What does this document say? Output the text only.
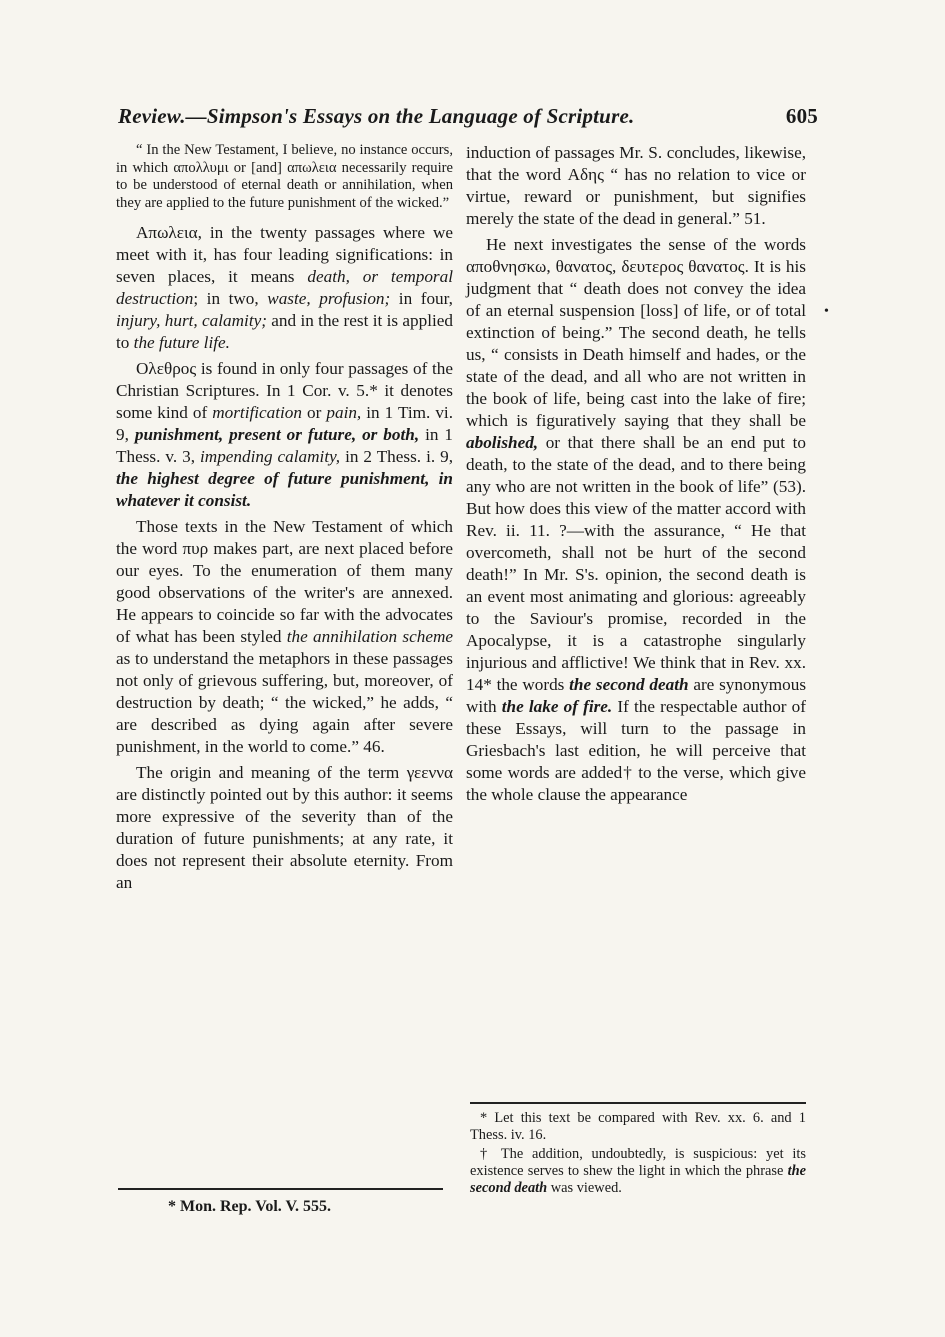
Review.—Simpson's Essays on the Language of Scripture.	605

“ In the New Testament, I believe, no instance occurs, in which απολλυμι or [and] απωλεια necessarily require to be understood of eternal death or annihilation, when they are applied to the future punishment of the wicked.”

Απωλεια, in the twenty passages where we meet with it, has four leading significations: in seven places, it means death, or temporal destruction; in two, waste, profusion; in four, injury, hurt, calamity; and in the rest it is applied to the future life.

Ολεθρος is found in only four passages of the Christian Scriptures. In 1 Cor. v. 5.* it denotes some kind of mortification or pain, in 1 Tim. vi. 9, punishment, present or future, or both, in 1 Thess. v. 3, impending calamity, in 2 Thess. i. 9, the highest degree of future punishment, in whatever it consist.

Those texts in the New Testament of which the word πυρ makes part, are next placed before our eyes. To the enumeration of them many good observations of the writer's are annexed. He appears to coincide so far with the advocates of what has been styled the annihilation scheme as to understand the metaphors in these passages not only of grievous suffering, but, moreover, of destruction by death; “ the wicked,” he adds, “ are described as dying again after severe punishment, in the world to come.” 46.

The origin and meaning of the term γεεννα are distinctly pointed out by this author: it seems more expressive of the severity than of the duration of future punishments; at any rate, it does not represent their absolute eternity. From an

* Mon. Rep. Vol. V. 555.

induction of passages Mr. S. concludes, likewise, that the word Αδης “ has no relation to vice or virtue, reward or punishment, but signifies merely the state of the dead in general.” 51.

He next investigates the sense of the words αποθνησκω, θανατος, δευτερος θανατος. It is his judgment that “ death does not convey the idea of an eternal suspension [loss] of life, or of total extinction of being.” The second death, he tells us, “ consists in Death himself and hades, or the state of the dead, and all who are not written in the book of life, being cast into the lake of fire; which is figuratively saying that they shall be abolished, or that there shall be an end put to death, to the state of the dead, and to there being any who are not written in the book of life” (53). But how does this view of the matter accord with Rev. ii. 11. ?—with the assurance, “ He that overcometh, shall not be hurt of the second death!” In Mr. S's. opinion, the second death is an event most animating and glorious: agreeably to the Saviour's promise, recorded in the Apocalypse, it is a catastrophe singularly injurious and afflictive! We think that in Rev. xx. 14* the words the second death are synonymous with the lake of fire. If the respectable author of these Essays, will turn to the passage in Griesbach's last edition, he will perceive that some words are added† to the verse, which give the whole clause the appearance

* Let this text be compared with Rev. xx. 6. and 1 Thess. iv. 16.

† The addition, undoubtedly, is suspicious: yet its existence serves to shew the light in which the phrase the second death was viewed.

•
